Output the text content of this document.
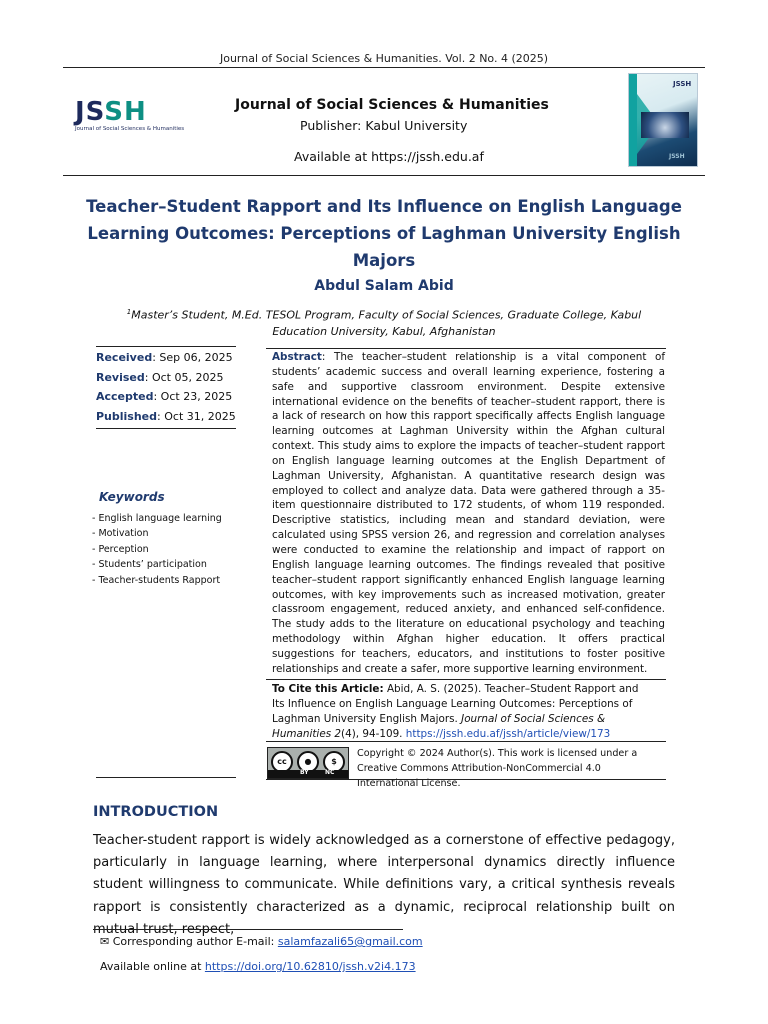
Journal of Social Sciences & Humanities. Vol. 2 No. 4 (2025)
JSSH
Journal of Social Sciences & Humanities
Journal of Social Sciences & Humanities
Publisher: Kabul University
Available at https://jssh.edu.af
JSSH
JSSH
Teacher–Student Rapport and Its Influence on English Language Learning Outcomes: Perceptions of Laghman University English Majors
Abdul Salam Abid
$^1$Master’s Student, M.Ed. TESOL Program, Faculty of Social Sciences, Graduate College, Kabul Education University, Kabul, Afghanistan
Received: Sep 06, 2025
Revised: Oct 05, 2025
Accepted: Oct 23, 2025
Published: Oct 31, 2025
Keywords
- English language learning
- Motivation
- Perception
- Students’ participation
- Teacher-students Rapport
Abstract: The teacher–student relationship is a vital component of students’ academic success and overall learning experience, fostering a safe and supportive classroom environment. Despite extensive international evidence on the benefits of teacher–student rapport, there is a lack of research on how this rapport specifically affects English language learning outcomes at Laghman University within the Afghan cultural context. This study aims to explore the impacts of teacher–student rapport on English language learning outcomes at the English Department of Laghman University, Afghanistan. A quantitative research design was employed to collect and analyze data. Data were gathered through a 35-item questionnaire distributed to 172 students, of whom 119 responded. Descriptive statistics, including mean and standard deviation, were calculated using SPSS version 26, and regression and correlation analyses were conducted to examine the relationship and impact of rapport on English language learning outcomes. The findings revealed that positive teacher–student rapport significantly enhanced English language learning outcomes, with key improvements such as increased motivation, greater classroom engagement, reduced anxiety, and enhanced self-confidence. The study adds to the literature on educational psychology and teaching methodology within Afghan higher education. It offers practical suggestions for teachers, educators, and institutions to foster positive relationships and create a safer, more supportive learning environment.
To Cite this Article: Abid, A. S. (2025). Teacher–Student Rapport and Its Influence on English Language Learning Outcomes: Perceptions of Laghman University English Majors. Journal of Social Sciences & Humanities 2(4), 94-109. https://jssh.edu.af/jssh/article/view/173
cc	●	$
BY	NC
Copyright © 2024 Author(s). This work is licensed under a Creative Commons Attribution-NonCommercial 4.0 International License.
INTRODUCTION
Teacher-student rapport is widely acknowledged as a cornerstone of effective pedagogy, particularly in language learning, where interpersonal dynamics directly influence student willingness to communicate. While definitions vary, a critical synthesis reveals rapport is consistently characterized as a dynamic, reciprocal relationship built on mutual trust, respect,
✉ Corresponding author E-mail: salamfazali65@gmail.com
Available online at https://doi.org/10.62810/jssh.v2i4.173
